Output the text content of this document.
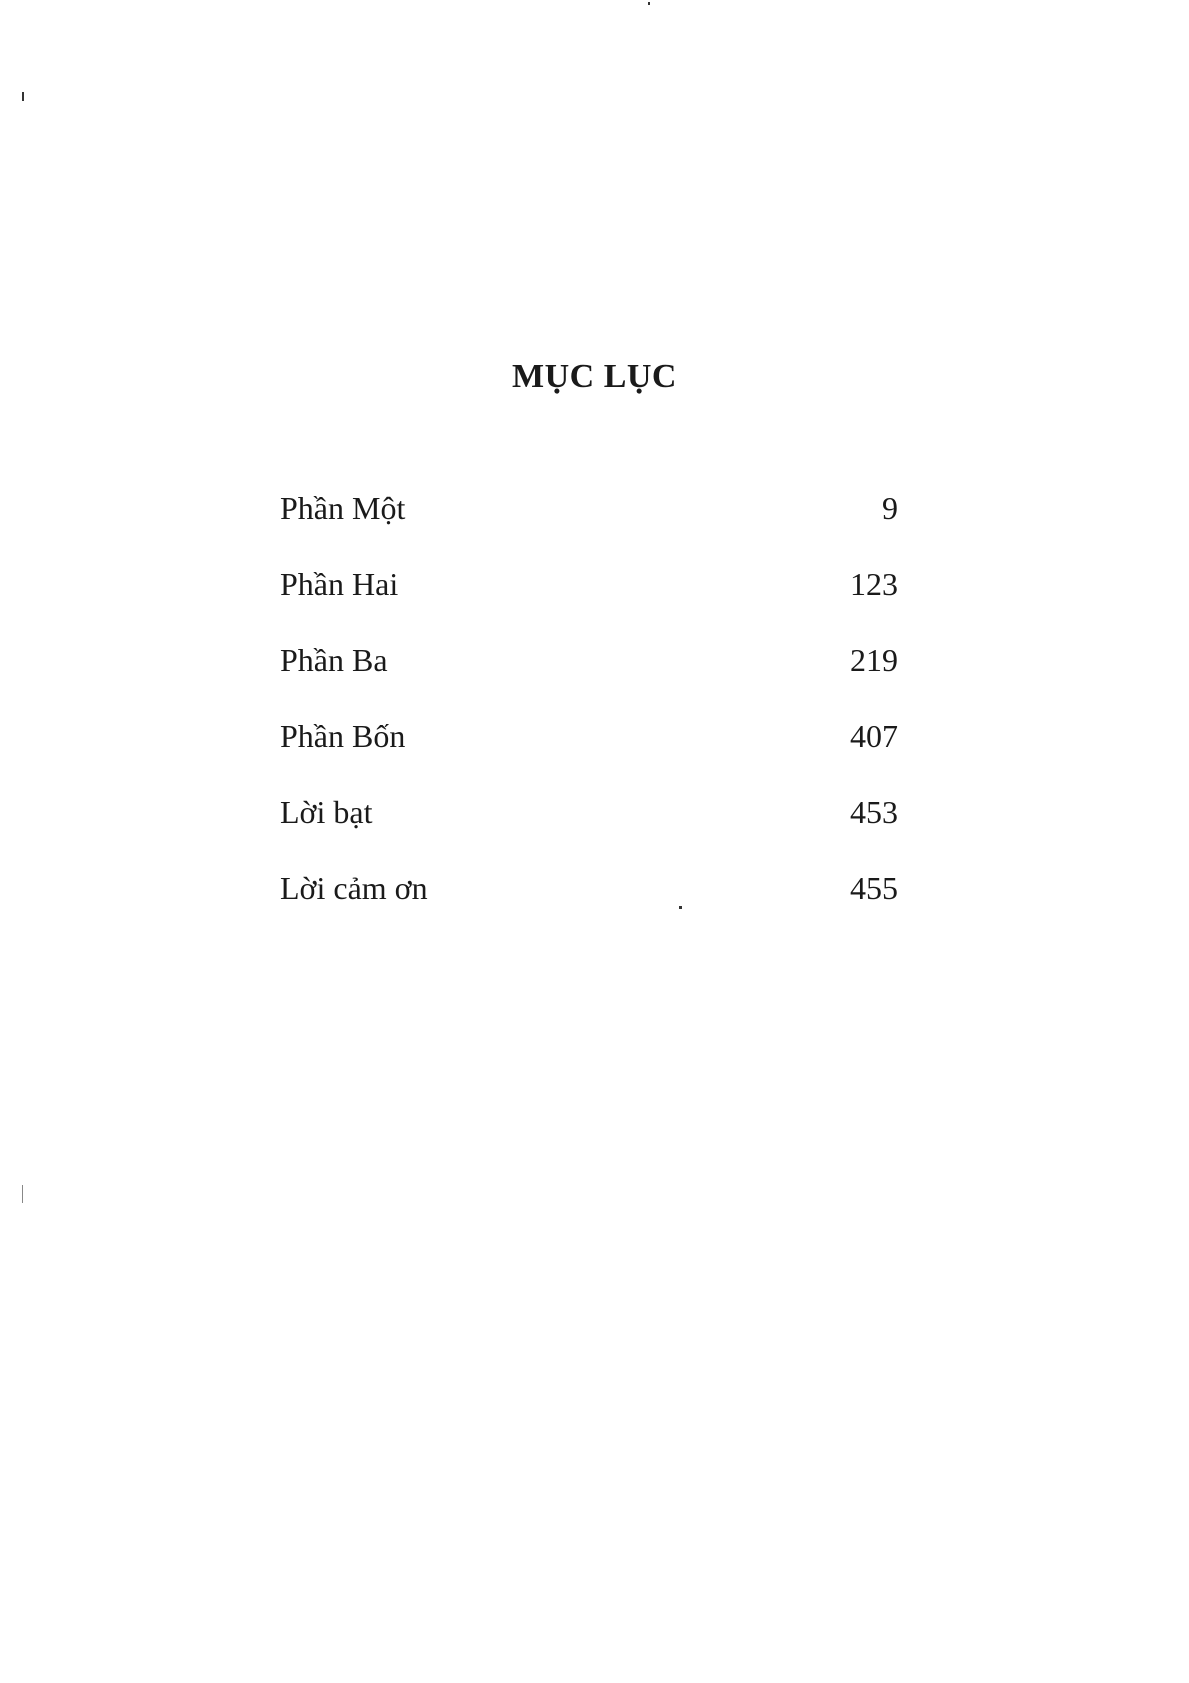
MỤC LỤC
Phần Một	9
Phần Hai	123
Phần Ba	219
Phần Bốn	407
Lời bạt	453
Lời cảm ơn	455
